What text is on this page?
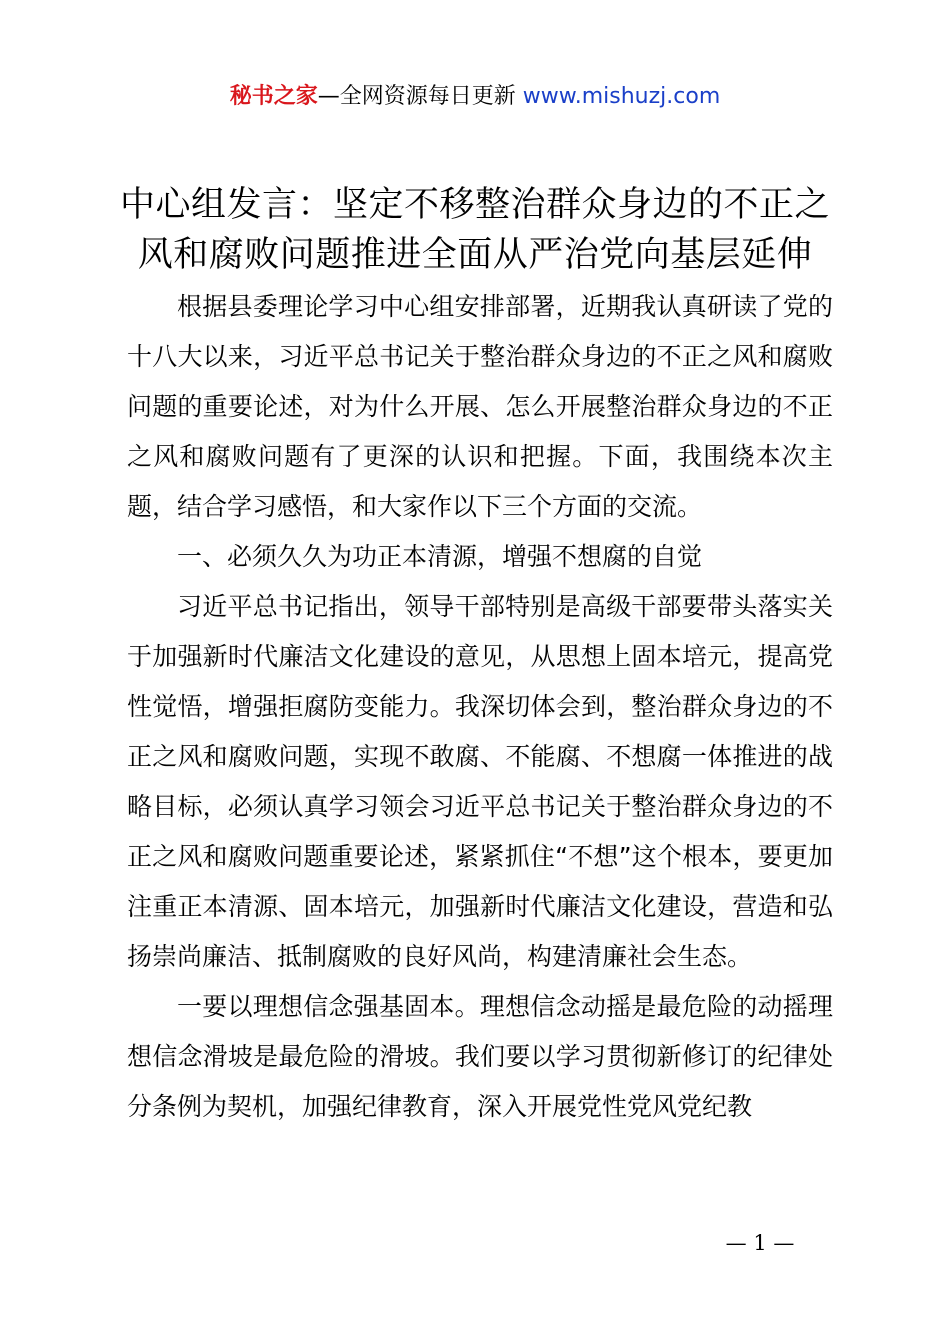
秘书之家—全网资源每日更新 www.mishuzj.com
中心组发言：坚定不移整治群众身边的不正之
风和腐败问题推进全面从严治党向基层延伸

根据县委理论学习中心组安排部署，近期我认真研读了党的十八大以来，习近平总书记关于整治群众身边的不正之风和腐败问题的重要论述，对为什么开展、怎么开展整治群众身边的不正之风和腐败问题有了更深的认识和把握。下面，我围绕本次主题，结合学习感悟，和大家作以下三个方面的交流。

一、必须久久为功正本清源，增强不想腐的自觉

习近平总书记指出，领导干部特别是高级干部要带头落实关于加强新时代廉洁文化建设的意见，从思想上固本培元，提高党性觉悟，增强拒腐防变能力。我深切体会到，整治群众身边的不正之风和腐败问题，实现不敢腐、不能腐、不想腐一体推进的战略目标，必须认真学习领会习近平总书记关于整治群众身边的不正之风和腐败问题重要论述，紧紧抓住“不想”这个根本，要更加注重正本清源、固本培元，加强新时代廉洁文化建设，营造和弘扬崇尚廉洁、抵制腐败的良好风尚，构建清廉社会生态。

一要以理想信念强基固本。理想信念动摇是最危险的动摇理想信念滑坡是最危险的滑坡。我们要以学习贯彻新修订的纪律处分条例为契机，加强纪律教育，深入开展党性党风党纪教

— 1 —
